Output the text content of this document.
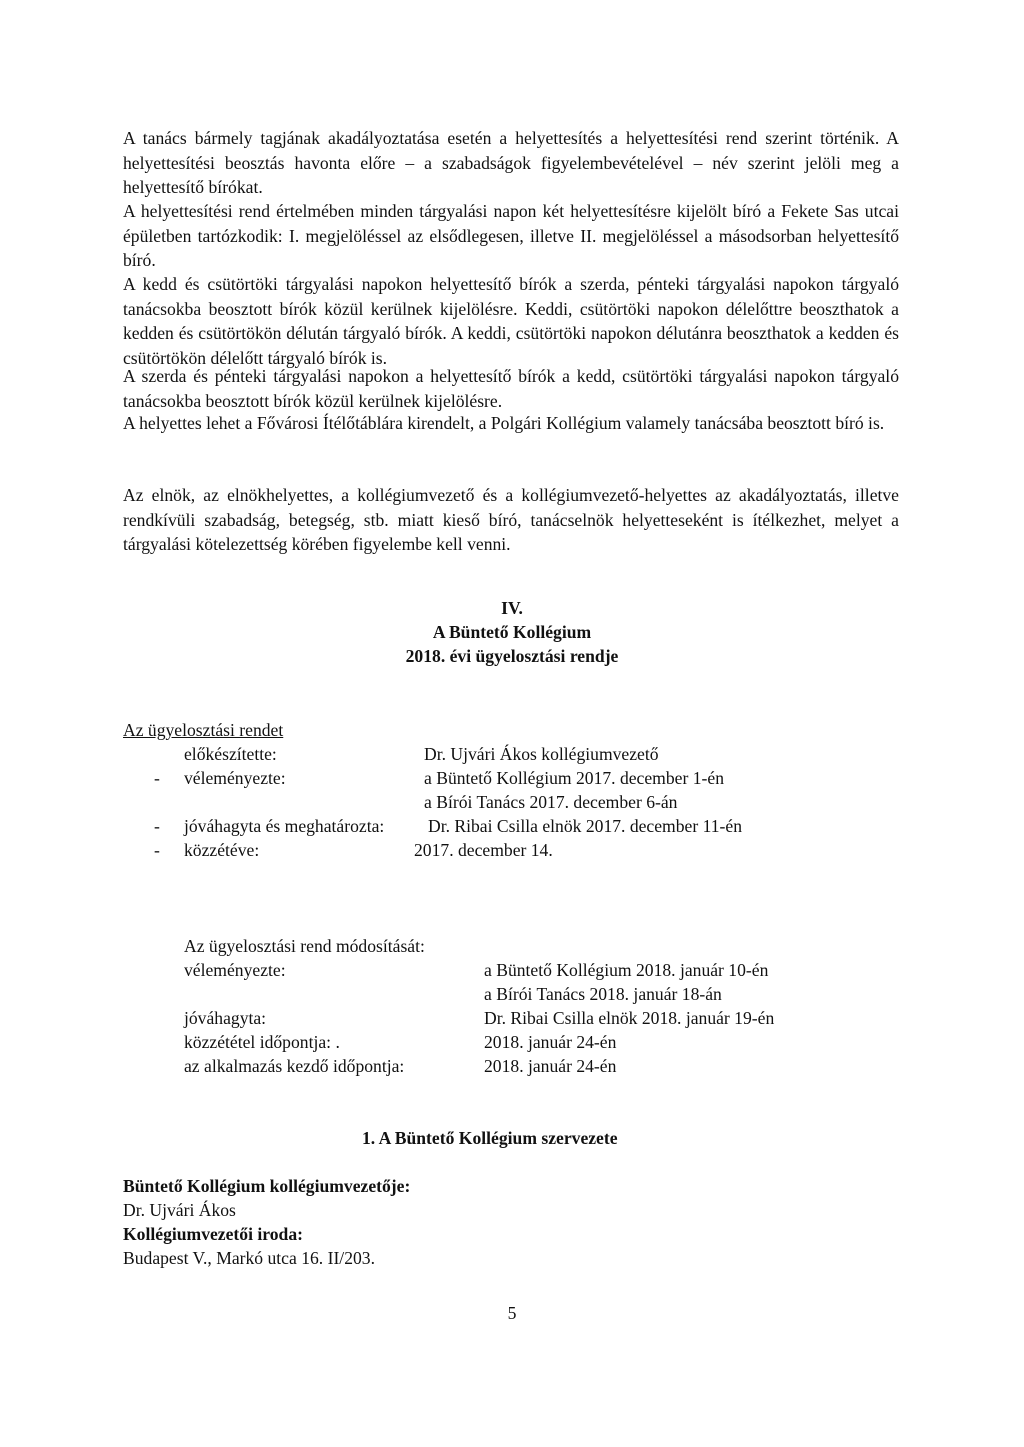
A tanács bármely tagjának akadályoztatása esetén a helyettesítés a helyettesítési rend szerint történik. A helyettesítési beosztás havonta előre – a szabadságok figyelembevételével – név szerint jelöli meg a helyettesítő bírókat.

A helyettesítési rend értelmében minden tárgyalási napon két helyettesítésre kijelölt bíró a Fekete Sas utcai épületben tartózkodik: I. megjelöléssel az elsődlegesen, illetve II. megjelöléssel a másodsorban helyettesítő bíró.

A kedd és csütörtöki tárgyalási napokon helyettesítő bírók a szerda, pénteki tárgyalási napokon tárgyaló tanácsokba beosztott bírók közül kerülnek kijelölésre. Keddi, csütörtöki napokon délelőttre beoszthatok a kedden és csütörtökön délután tárgyaló bírók. A keddi, csütörtöki napokon délutánra beoszthatok a kedden és csütörtökön délelőtt tárgyaló bírók is.

A szerda és pénteki tárgyalási napokon a helyettesítő bírók a kedd, csütörtöki tárgyalási napokon tárgyaló tanácsokba beosztott bírók közül kerülnek kijelölésre.

A helyettes lehet a Fővárosi Ítélőtáblára kirendelt, a Polgári Kollégium valamely tanácsába beosztott bíró is.

Az elnök, az elnökhelyettes, a kollégiumvezető és a kollégiumvezető-helyettes az akadályoztatás, illetve rendkívüli szabadság, betegség, stb. miatt kieső bíró, tanácselnök helyetteseként is ítélkezhet, melyet a tárgyalási kötelezettség körében figyelembe kell venni.

IV.
A Büntető Kollégium
2018. évi ügyelosztási rendje
Az ügyelosztási rendet
előkészítette:	Dr. Ujvári Ákos kollégiumvezető
- véleményezte:	a Büntető Kollégium 2017. december 1-én
a Bírói Tanács 2017. december 6-án
- jóváhagyta és meghatározta: Dr. Ribai Csilla elnök 2017. december 11-én
- közzétéve:	2017. december 14.
Az ügyelosztási rend módosítását:
véleményezte:	a Büntető Kollégium 2018. január 10-én
a Bírói Tanács 2018. január 18-án
jóváhagyta:	Dr. Ribai Csilla elnök 2018. január 19-én
közzététel időpontja: .	2018. január 24-én
az alkalmazás kezdő időpontja:	2018. január 24-én
1. A Büntető Kollégium szervezete
Büntető Kollégium kollégiumvezetője:
Dr. Ujvári Ákos
Kollégiumvezetői iroda:
Budapest V., Markó utca 16. II/203.
5
